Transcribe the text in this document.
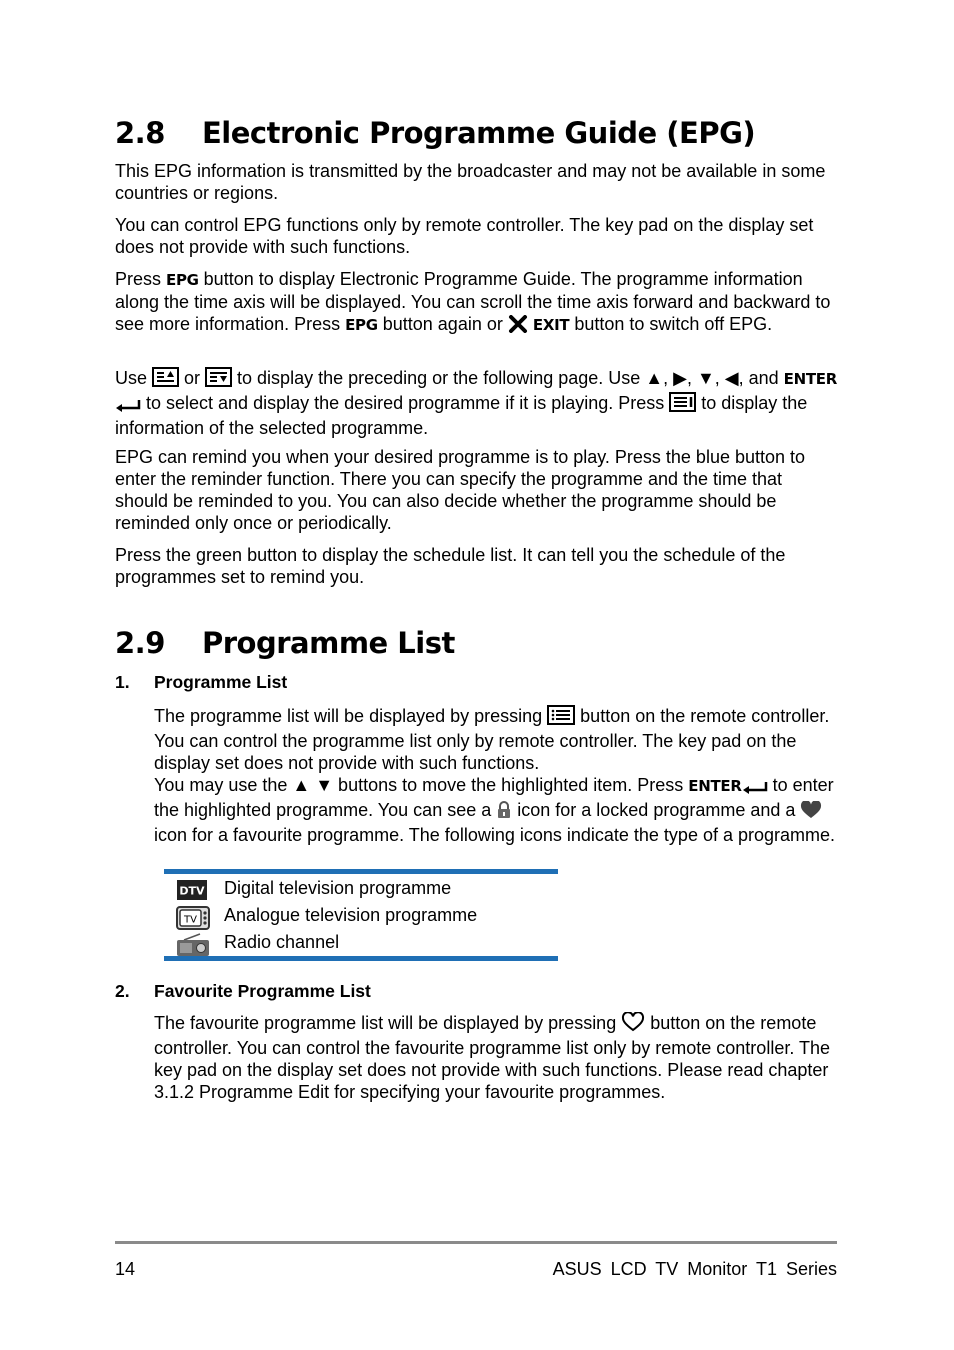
2.8 Electronic Programme Guide (EPG)

This EPG information is transmitted by the broadcaster and may not be available in some countries or regions.

You can control EPG functions only by remote controller. The key pad on the display set does not provide with such functions.

Press EPG button to display Electronic Programme Guide. The programme information along the time axis will be displayed. You can scroll the time axis forward and backward to see more information. Press EPG button again or  EXIT button to switch off EPG.

Use  or  to display the preceding or the following page. Use ▲, ▶, ▼, ◀, and ENTER to select and display the desired programme if it is playing. Press  to display the information of the selected programme.

EPG can remind you when your desired programme is to play. Press the blue button to enter the reminder function. There you can specify the programme and the time that should be reminded to you. You can also decide whether the programme should be reminded only once or periodically.

Press the green button to display the schedule list. It can tell you the schedule of the programmes set to remind you.

2.9 Programme List
1. Programme List

The programme list will be displayed by pressing  button on the remote controller. You can control the programme list only by remote controller. The key pad on the display set does not provide with such functions.
You may use the ▲ ▼ buttons to move the highlighted item. Press ENTER to enter the highlighted programme. You can see a  icon for a locked programme and a  icon for a favourite programme. The following icons indicate the type of a programme.

DTV Digital television programme
TV Analogue television programme
Radio channel
2. Favourite Programme List

The favourite programme list will be displayed by pressing  button on the remote controller. You can control the favourite programme list only by remote controller. The key pad on the display set does not provide with such functions. Please read chapter 3.1.2 Programme Edit for specifying your favourite programmes.

14	ASUS LCD TV Monitor T1 Series
